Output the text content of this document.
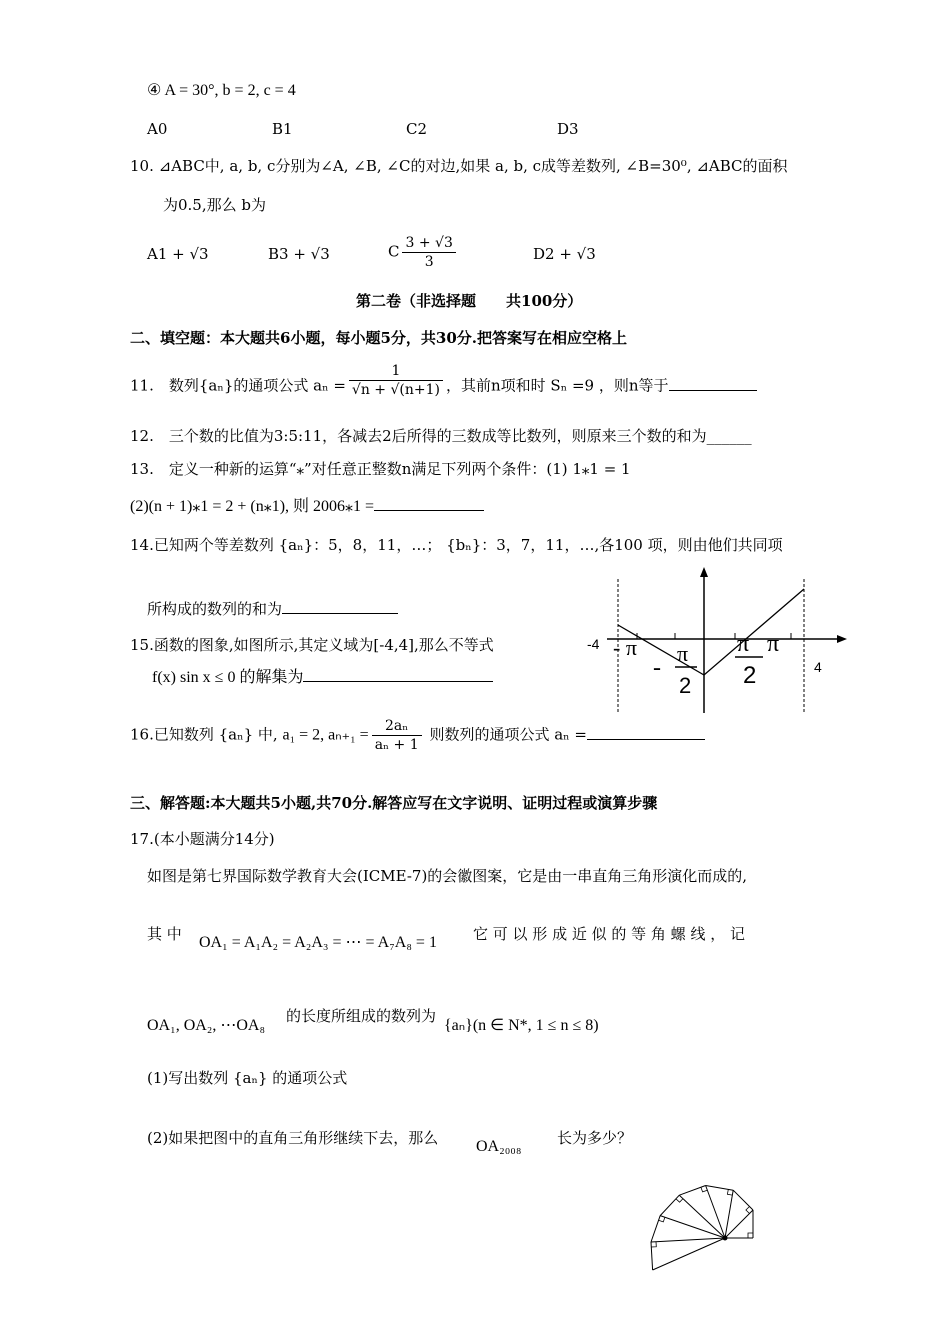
④ A = 30°, b = 2, c = 4
A0	B1	C2	D3
10. ⊿ABC中, a, b, c分别为∠A, ∠B, ∠C的对边,如果 a, b, c成等差数列, ∠B=30⁰, ⊿ABC的面积
为0.5,那么 b为
A1 + √3	B3 + √3	C $\frac{3 + √3}{3}$	D2 + √3
第二卷（非选择题　　共100分）
二、填空题：本大题共6小题，每小题5分，共30分.把答案写在相应空格上
11.　数列{aₙ}的通项公式 $a_n = \frac{1}{√n + √(n+1)}$ ，其前n项和时 Sₙ =9 ，则n等于
12.　三个数的比值为3:5:11，各减去2后所得的三数成等比数列，则原来三个数的和为______
13.　定义一种新的运算“⁎”对任意正整数n满足下列两个条件：(1) 1⁎1 = 1
(2)(n + 1)⁎1 = 2 + (n⁎1), 则 2006⁎1 =
14.已知两个等差数列 {aₙ}：5，8，11，…； {bₙ}：3，7，11，…,各100 项，则由他们共同项
所构成的数列的和为
15.函数的图象,如图所示,其定义域为[-4,4],那么不等式
f(x) sin x ≤ 0 的解集为
-4 - π
-
π
2
π
2
π
4
16.已知数列 {aₙ} 中, a₁ = 2, $a_{n+1} = \frac{\text{2aₙ}}{\text{aₙ + 1}}$ 则数列的通项公式 aₙ =
三、解答题:本大题共5小题,共70分.解答应写在文字说明、证明过程或演算步骤
17.(本小题满分14分)
如图是第七界国际数学教育大会(ICME-7)的会徽图案，它是由一串直角三角形演化而成的,
其 中 OA₁ = A₁A₂ = A₂A₃ = ⋯ = A₇A₈ = 1 它 可 以 形 成 近 似 的 等 角 螺 线 ， 记
OA₁, OA₂, ⋯OA₈
的长度所组成的数列为
{aₙ}(n ∈ N*, 1 ≤ n ≤ 8)
(1)写出数列 {aₙ} 的通项公式
(2)如果把图中的直角三角形继续下去，那么 OA₂₀₀₈ 长为多少？
